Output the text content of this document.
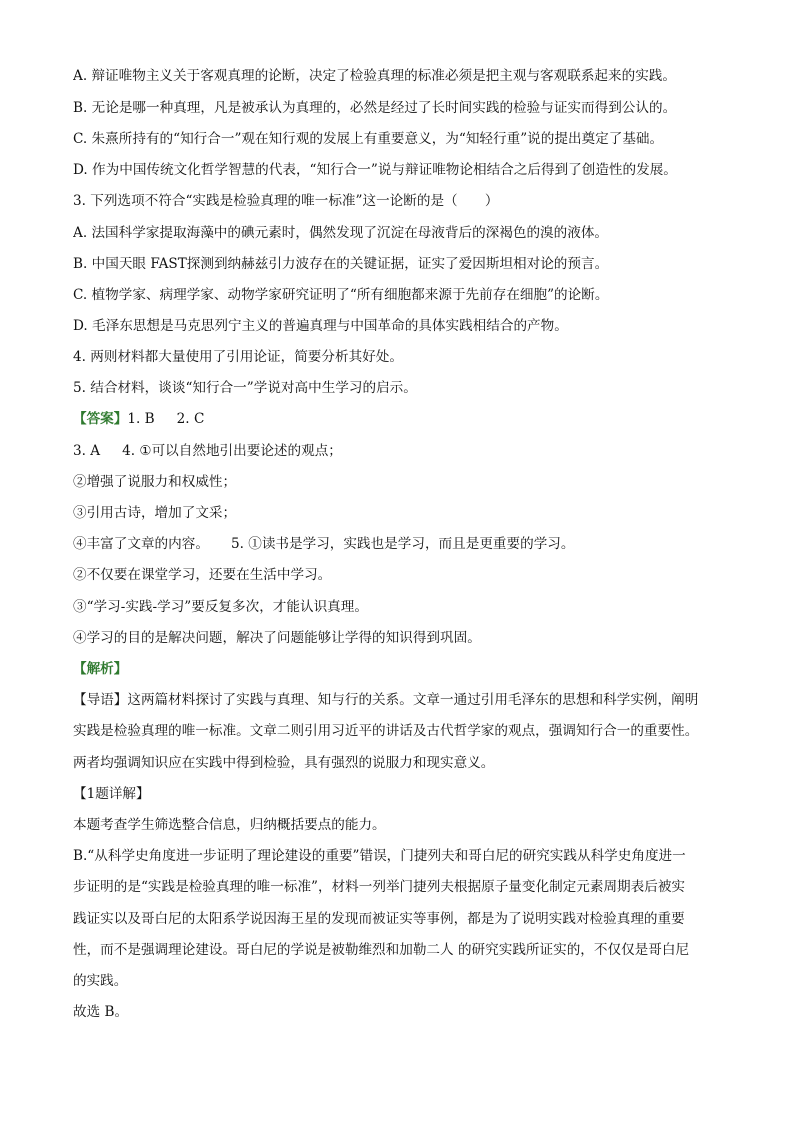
A. 辩证唯物主义关于客观真理的论断，决定了检验真理的标准必须是把主观与客观联系起来的实践。
B. 无论是哪一种真理，凡是被承认为真理的，必然是经过了长时间实践的检验与证实而得到公认的。
C. 朱熹所持有的“知行合一”观在知行观的发展上有重要意义，为“知轻行重”说的提出奠定了基础。
D. 作为中国传统文化哲学智慧的代表，“知行合一”说与辩证唯物论相结合之后得到了创造性的发展。
3. 下列选项不符合“实践是检验真理的唯一标准”这一论断的是（　　）
A. 法国科学家提取海藻中的碘元素时，偶然发现了沉淀在母液背后的深褐色的溴的液体。
B. 中国天眼 FAST探测到纳赫兹引力波存在的关键证据，证实了爱因斯坦相对论的预言。
C. 植物学家、病理学家、动物学家研究证明了“所有细胞都来源于先前存在细胞”的论断。
D. 毛泽东思想是马克思列宁主义的普遍真理与中国革命的具体实践相结合的产物。
4. 两则材料都大量使用了引用论证，简要分析其好处。
5. 结合材料，谈谈“知行合一”学说对高中生学习的启示。
【答案】1. B 2. C
3. A 4. ①可以自然地引出要论述的观点；
②增强了说服力和权威性；
③引用古诗，增加了文采；
④丰富了文章的内容。 5. ①读书是学习，实践也是学习，而且是更重要的学习。
②不仅要在课堂学习，还要在生活中学习。
③“学习-实践-学习”要反复多次，才能认识真理。
④学习的目的是解决问题，解决了问题能够让学得的知识得到巩固。
【解析】
【导语】这两篇材料探讨了实践与真理、知与行的关系。文章一通过引用毛泽东的思想和科学实例，阐明
实践是检验真理的唯一标准。文章二则引用习近平的讲话及古代哲学家的观点，强调知行合一的重要性。
两者均强调知识应在实践中得到检验，具有强烈的说服力和现实意义。
【1题详解】
本题考查学生筛选整合信息，归纳概括要点的能力。
B.“从科学史角度进一步证明了理论建设的重要”错误，门捷列夫和哥白尼的研究实践从科学史角度进一
步证明的是“实践是检验真理的唯一标准”，材料一列举门捷列夫根据原子量变化制定元素周期表后被实
践证实以及哥白尼的太阳系学说因海王星的发现而被证实等事例，都是为了说明实践对检验真理的重要
性，而不是强调理论建设。哥白尼的学说是被勒维烈和加勒二人 的研究实践所证实的，不仅仅是哥白尼
的实践。
故选 B。
